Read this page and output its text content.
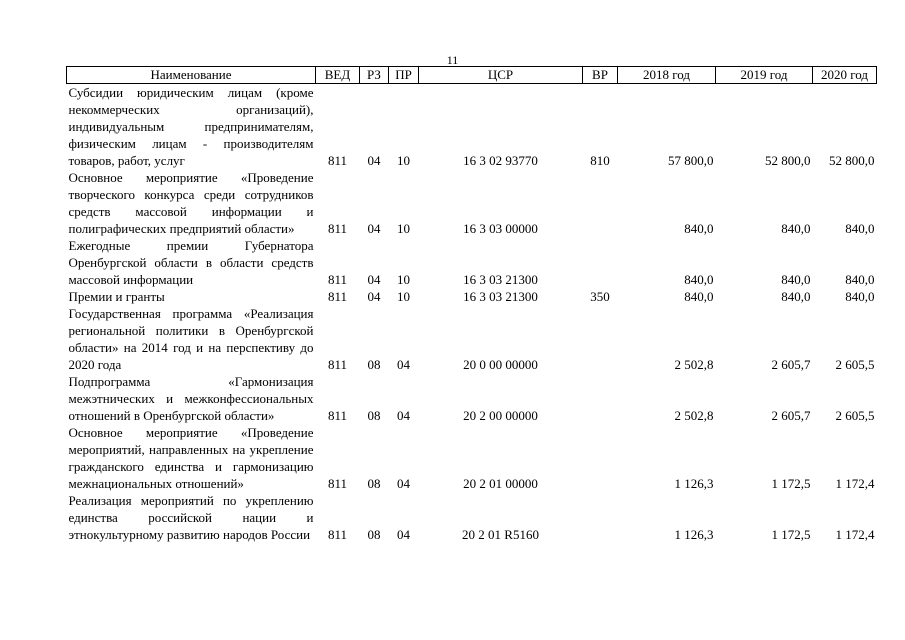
11
Наименование	ВЕД	РЗ	ПР	ЦСР	ВР	2018 год	2019 год	2020 год
Субсидии юридическим лицам (кроме некоммерческих организаций), индивидуальным предпринимателям, физическим лицам - производителям товаров, работ, услуг	811	04	10	16 3 02 93770	810	57 800,0	52 800,0	52 800,0
Основное мероприятие «Проведение творческого конкурса среди сотрудников средств массовой информации и полиграфических предприятий области»	811	04	10	16 3 03 00000		840,0	840,0	840,0
Ежегодные премии Губернатора Оренбургской области в области средств массовой информации	811	04	10	16 3 03 21300		840,0	840,0	840,0
Премии и гранты	811	04	10	16 3 03 21300	350	840,0	840,0	840,0
Государственная программа «Реализация региональной политики в Оренбургской области» на 2014 год и на перспективу до 2020 года	811	08	04	20 0 00 00000		2 502,8	2 605,7	2 605,5
Подпрограмма «Гармонизация межэтнических и межконфессиональных отношений в Оренбургской области»	811	08	04	20 2 00 00000		2 502,8	2 605,7	2 605,5
Основное мероприятие «Проведение мероприятий, направленных на укрепление гражданского единства и гармонизацию межнациональных отношений»	811	08	04	20 2 01 00000		1 126,3	1 172,5	1 172,4
Реализация мероприятий по укреплению единства российской нации и этнокультурному развитию народов России	811	08	04	20 2 01 R5160		1 126,3	1 172,5	1 172,4
